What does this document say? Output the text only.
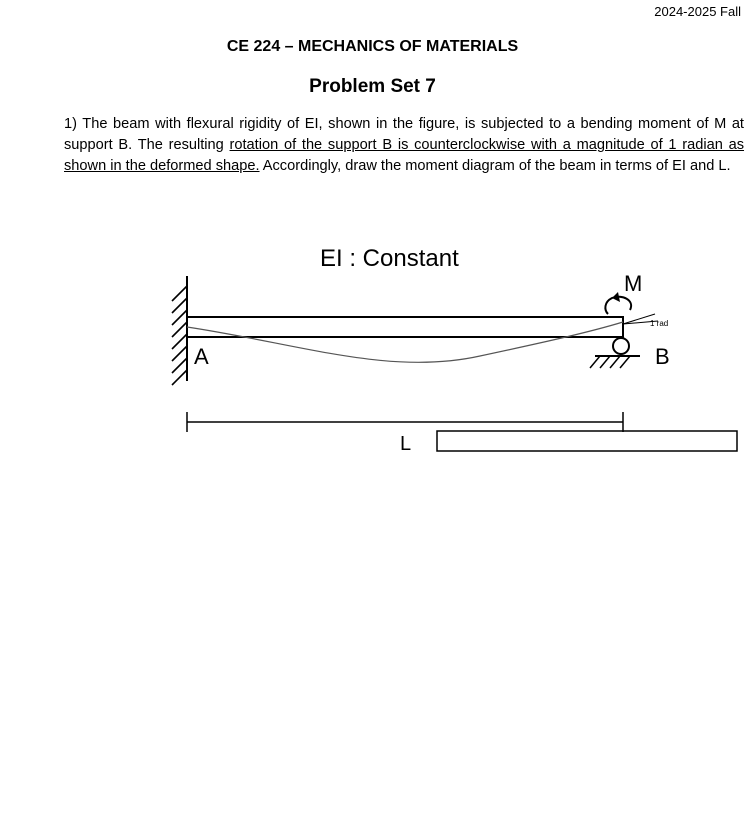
2024-2025 Fall
CE 224 – MECHANICS OF MATERIALS
Problem Set 7

1) The beam with flexural rigidity of EI, shown in the figure, is subjected to a bending moment of M at support B. The resulting rotation of the support B is counterclockwise with a magnitude of 1 radian as shown in the deformed shape. Accordingly, draw the moment diagram of the beam in terms of EI and L.

EI : Constant
1 rad
M
A	B
L
